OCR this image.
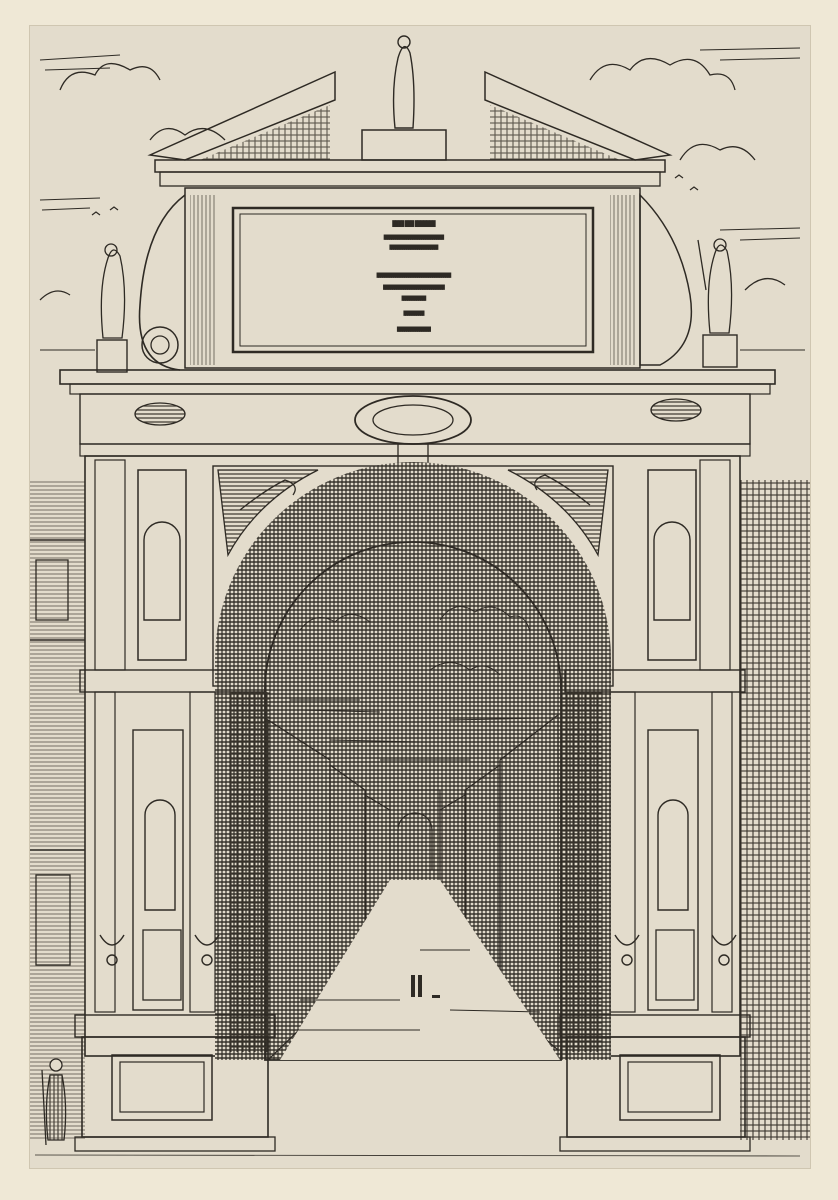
▮▮▮▮ ▮▮▮ ▮▮▮▮▮▮▮
▮▮▮▮▮▮ ▮▮▮ ▮▮▮▮▮▮▮▮▮▮▮▮▮▮▮▮▮▮▮▮▮▮▮
▮▮▮▮▮▮▮▮▮▮▮▮▮▮▮▮▮▮▮▮▮▮▮▮▮▮
▮▮▮▮▮▮▮▮▮▮▮▮▮▮▮▮▮▮▮▮▮▮▮▮▮▮▮▮▮▮▮▮▮▮▮▮▮▮▮▮
▮▮▮▮▮▮▮▮▮▮▮▮▮▮▮▮▮▮▮▮▮▮▮▮▮▮▮▮▮▮▮▮▮
▮▮▮▮▮▮▮▮▮▮▮▮▮
▮▮▮▮▮▮▮▮▮▮▮
▮▮▮▮▮▮▮▮▮▮▮▮▮▮▮▮▮▮
